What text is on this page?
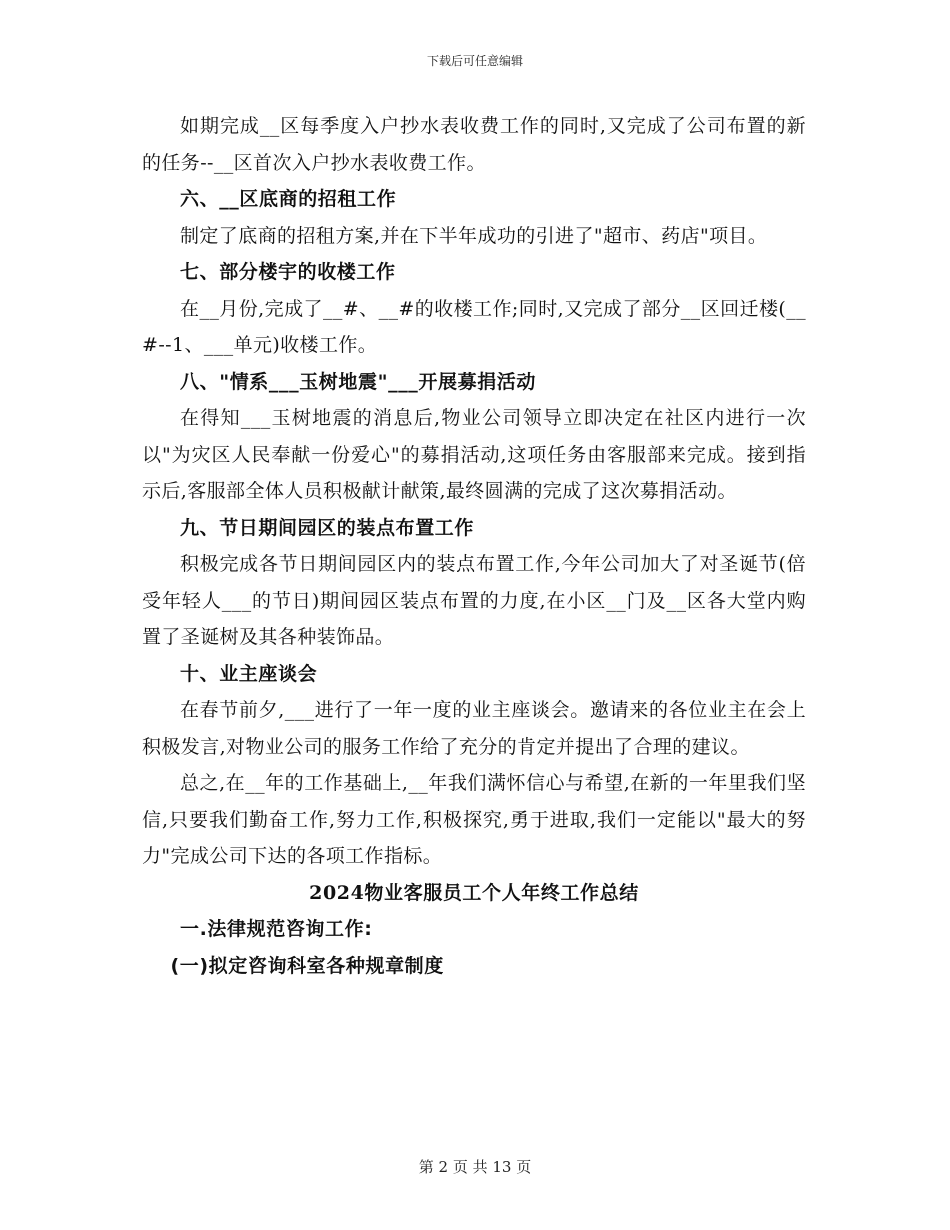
下载后可任意编辑

如期完成__区每季度入户抄水表收费工作的同时,又完成了公司布置的新的任务--__区首次入户抄水表收费工作。

六、__区底商的招租工作

制定了底商的招租方案,并在下半年成功的引进了"超市、药店"项目。

七、部分楼宇的收楼工作

在__月份,完成了__#、__#的收楼工作;同时,又完成了部分__区回迁楼(__#--1、___单元)收楼工作。

八、"情系___玉树地震"___开展募捐活动

在得知___玉树地震的消息后,物业公司领导立即决定在社区内进行一次以"为灾区人民奉献一份爱心"的募捐活动,这项任务由客服部来完成。接到指示后,客服部全体人员积极献计献策,最终圆满的完成了这次募捐活动。

九、节日期间园区的装点布置工作

积极完成各节日期间园区内的装点布置工作,今年公司加大了对圣诞节(倍受年轻人___的节日)期间园区装点布置的力度,在小区__门及__区各大堂内购置了圣诞树及其各种装饰品。

十、业主座谈会

在春节前夕,___进行了一年一度的业主座谈会。邀请来的各位业主在会上积极发言,对物业公司的服务工作给了充分的肯定并提出了合理的建议。

总之,在__年的工作基础上,__年我们满怀信心与希望,在新的一年里我们坚信,只要我们勤奋工作,努力工作,积极探究,勇于进取,我们一定能以"最大的努力"完成公司下达的各项工作指标。

2024物业客服员工个人年终工作总结

一.法律规范咨询工作:

(一)拟定咨询科室各种规章制度

第 2 页 共 13 页
